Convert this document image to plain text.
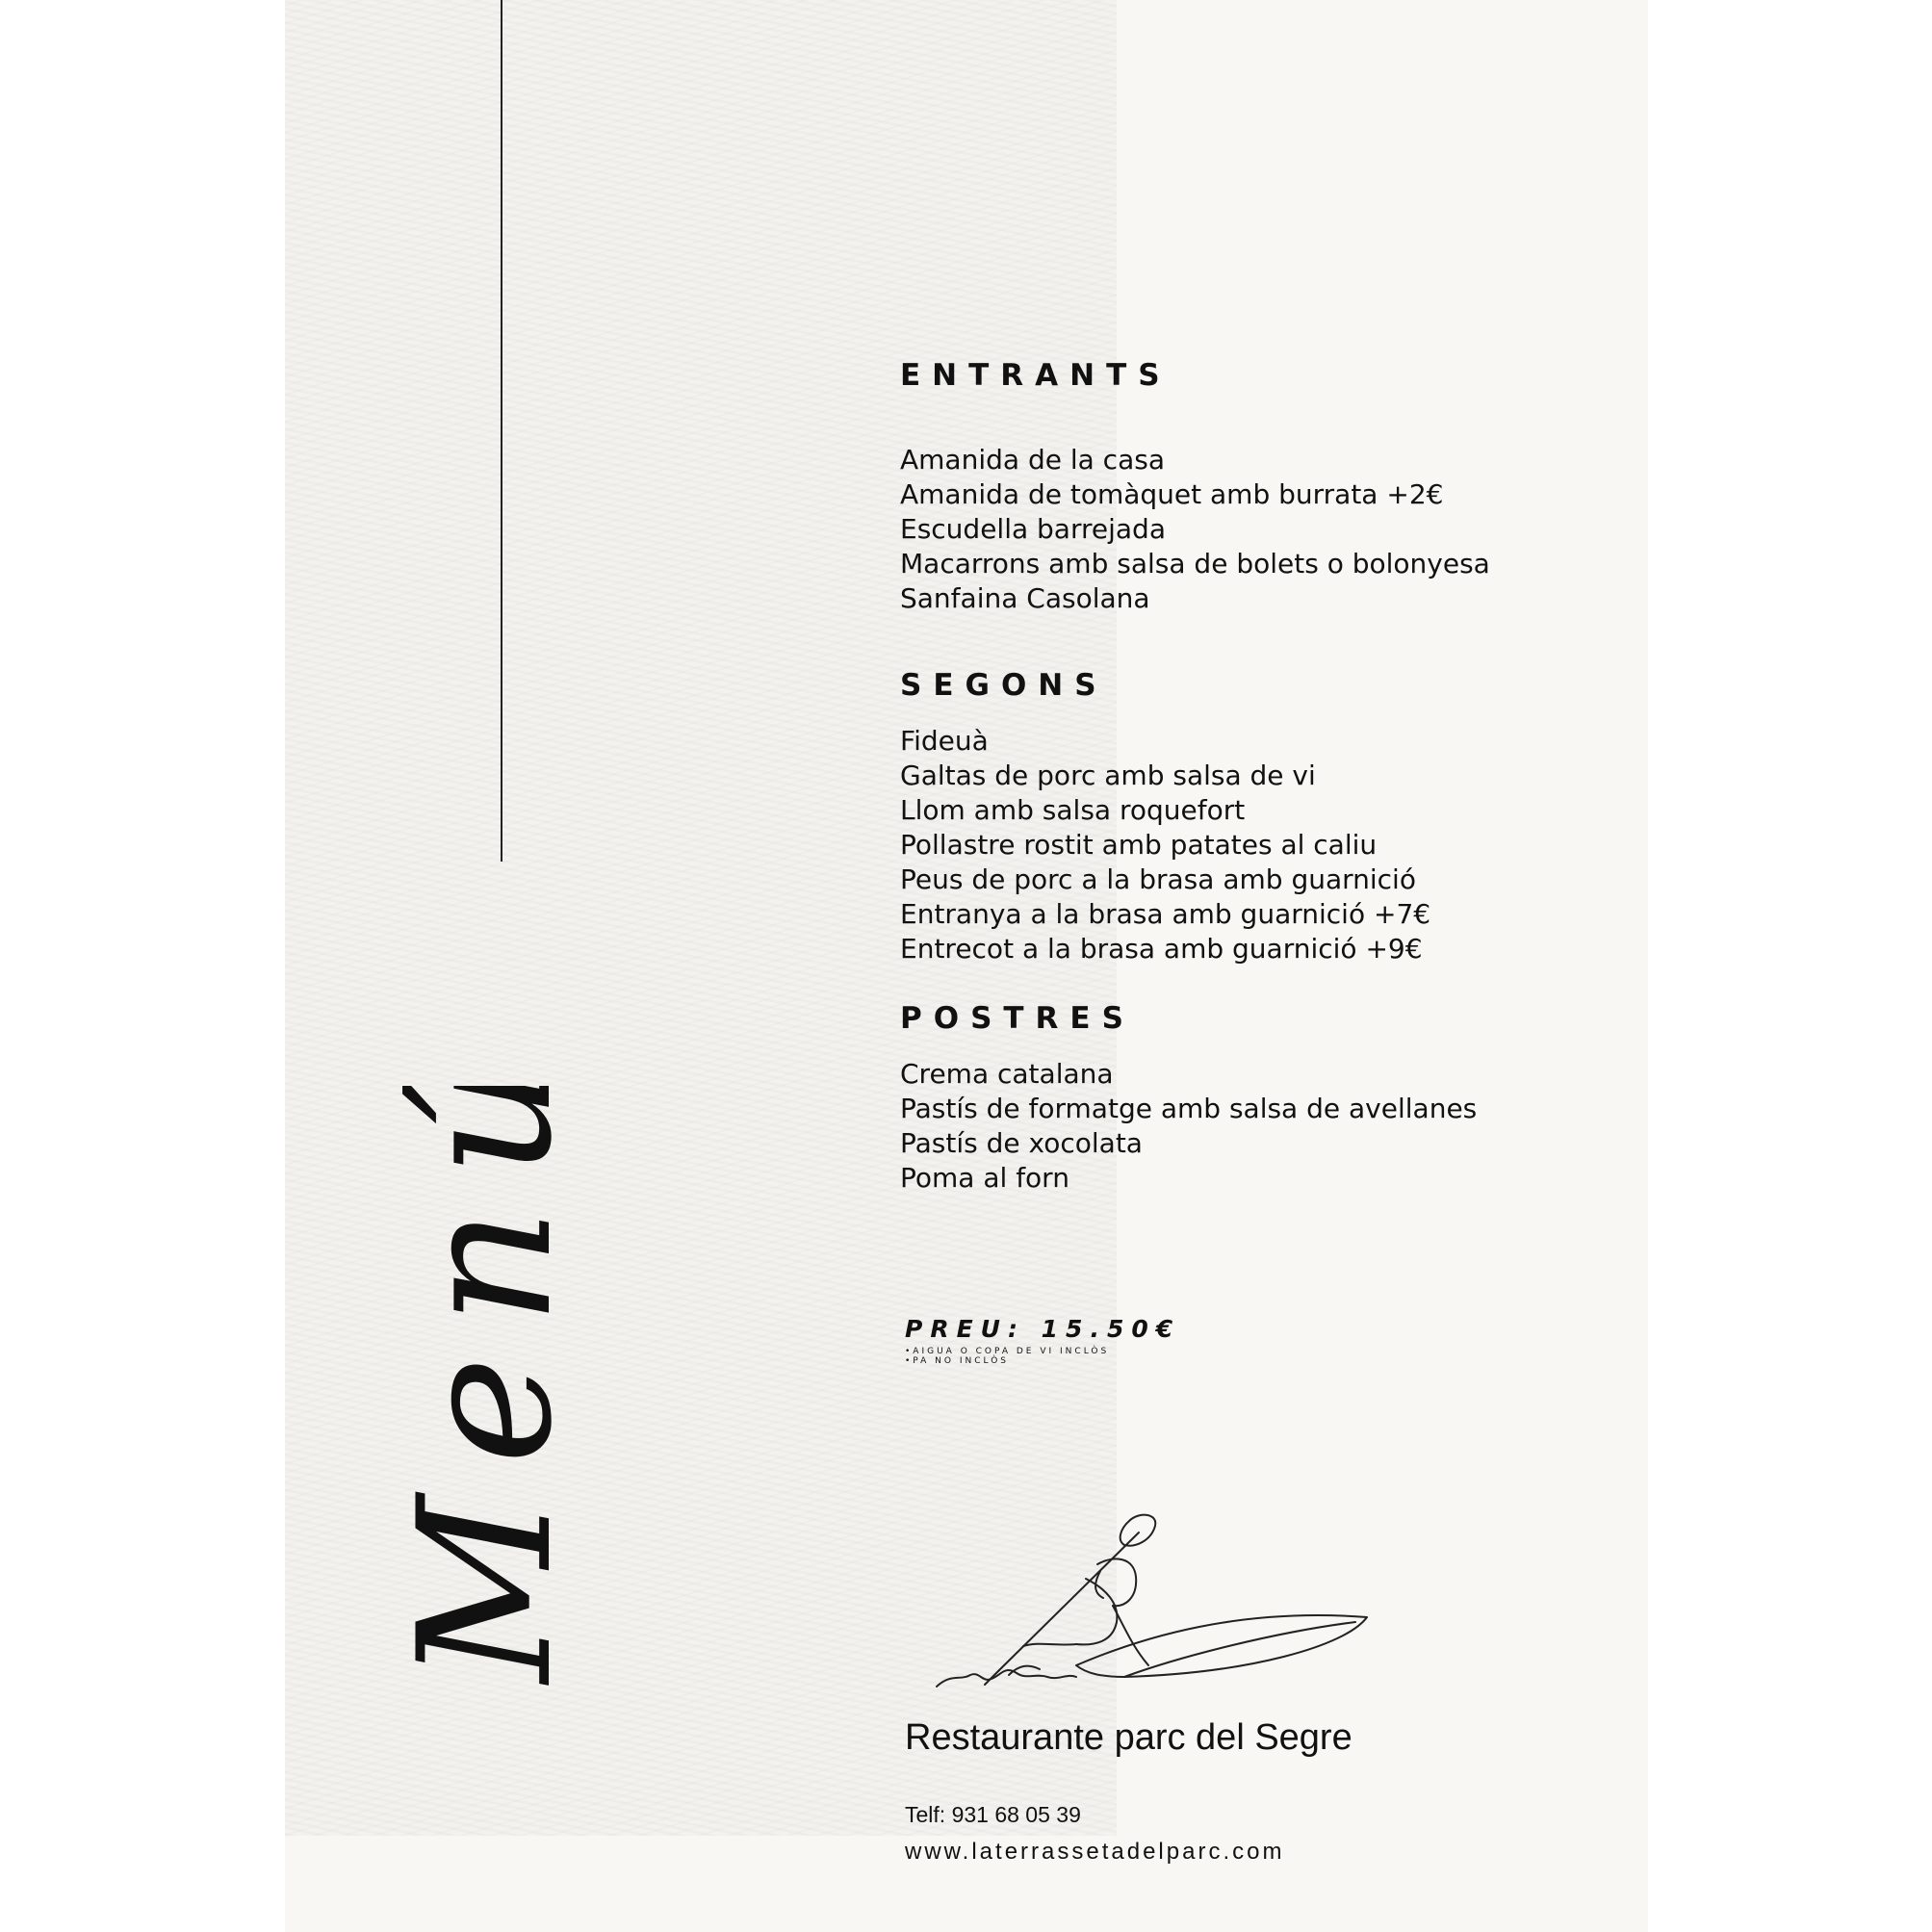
Menú
ENTRANTS
Amanida de la casa
Amanida de tomàquet amb burrata +2€
Escudella barrejada
Macarrons amb salsa de bolets o bolonyesa
Sanfaina Casolana
SEGONS
Fideuà
Galtas de porc amb salsa de vi
Llom amb salsa roquefort
Pollastre rostit amb patates al caliu
Peus de porc a la brasa amb guarnició
Entranya a la brasa amb guarnició +7€
Entrecot a la brasa amb guarnició +9€
POSTRES
Crema catalana
Pastís de formatge amb salsa de avellanes
Pastís de xocolata
Poma al forn
PREU: 15.50€
•AIGUA O COPA DE VI INCLÒS
•PA NO INCLÒS
Restaurante parc del Segre
Telf: 931 68 05 39
www.laterrassetadelparc.com
